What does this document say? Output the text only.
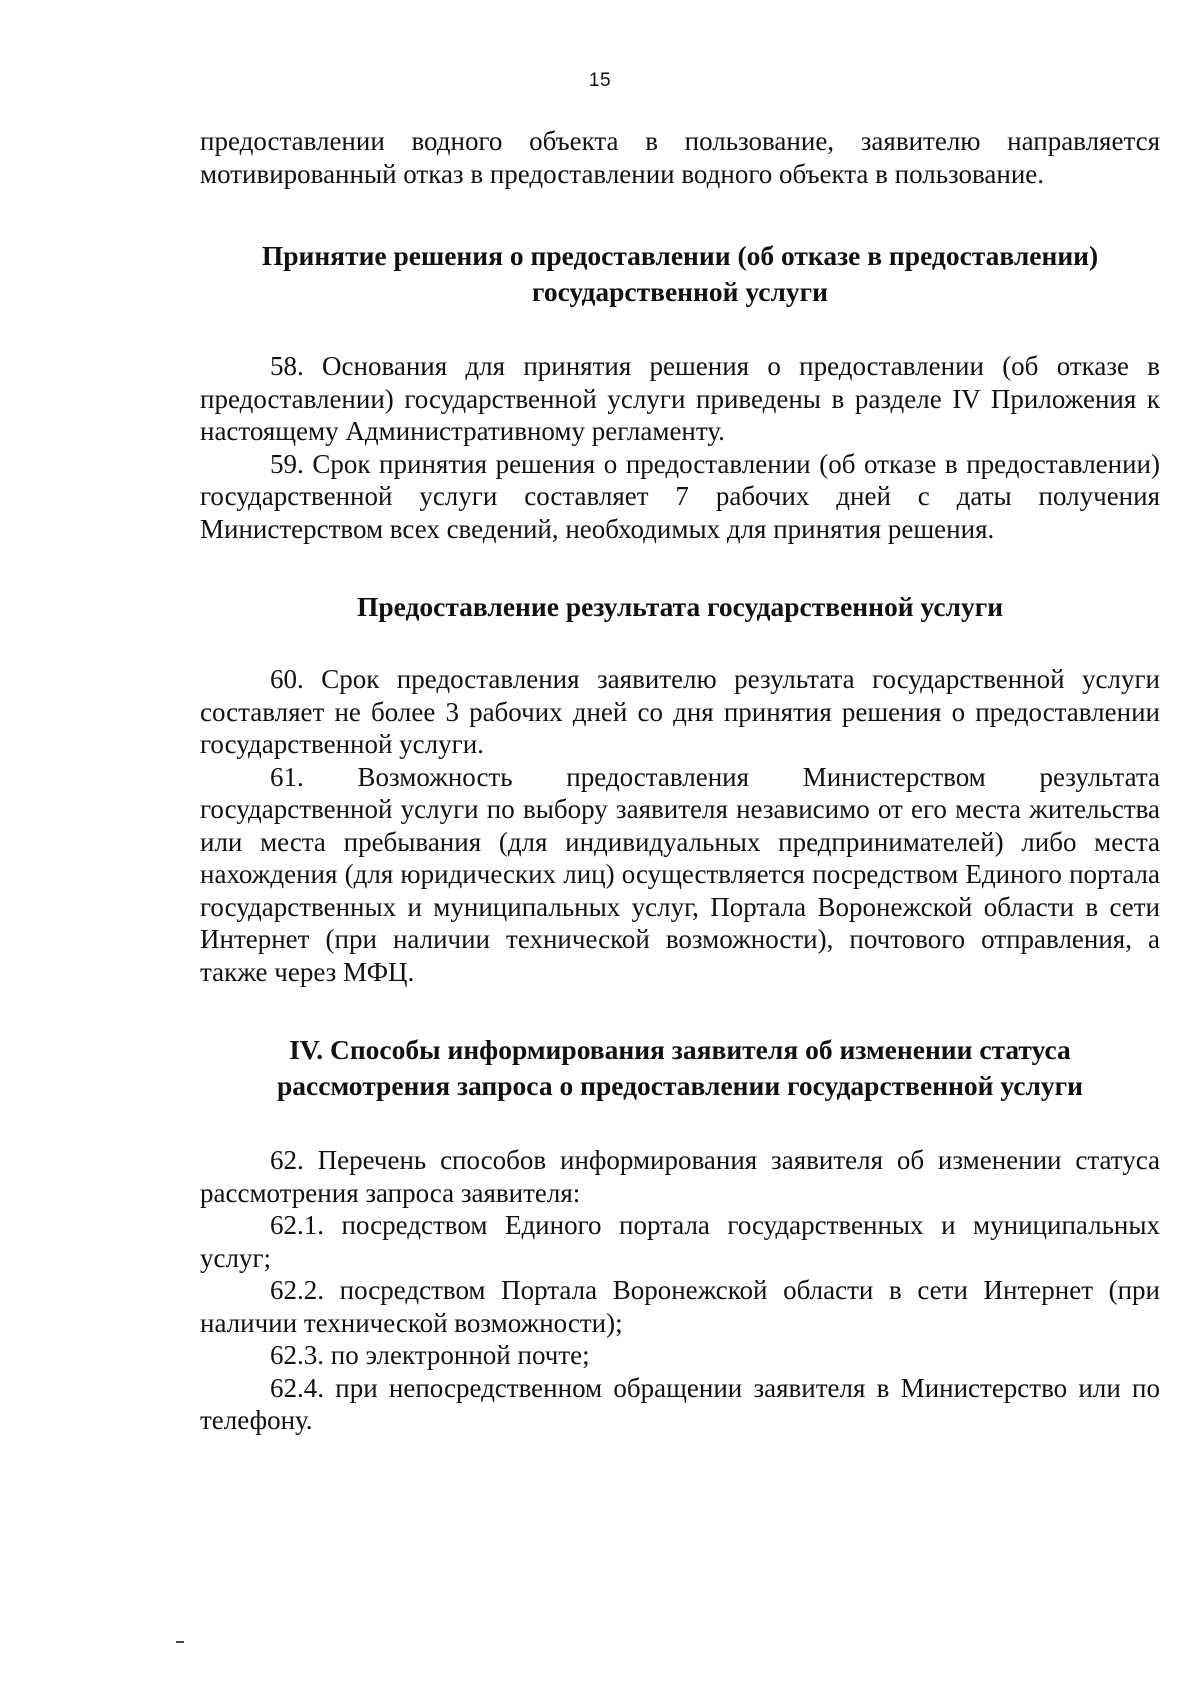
15

предоставлении водного объекта в пользование, заявителю направляется мотивированный отказ в предоставлении водного объекта в пользование.

Принятие решения о предоставлении (об отказе в предоставлении) государственной услуги

58. Основания для принятия решения о предоставлении (об отказе в предоставлении) государственной услуги приведены в разделе IV Приложения к настоящему Административному регламенту.

59. Срок принятия решения о предоставлении (об отказе в предоставлении) государственной услуги составляет 7 рабочих дней с даты получения Министерством всех сведений, необходимых для принятия решения.

Предоставление результата государственной услуги

60. Срок предоставления заявителю результата государственной услуги составляет не более 3 рабочих дней со дня принятия решения о предоставлении государственной услуги.

61. Возможность предоставления Министерством результата государственной услуги по выбору заявителя независимо от его места жительства или места пребывания (для индивидуальных предпринимателей) либо места нахождения (для юридических лиц) осуществляется посредством Единого портала государственных и муниципальных услуг, Портала Воронежской области в сети Интернет (при наличии технической возможности), почтового отправления, а также через МФЦ.

IV. Способы информирования заявителя об изменении статуса рассмотрения запроса о предоставлении государственной услуги

62. Перечень способов информирования заявителя об изменении статуса рассмотрения запроса заявителя:

62.1. посредством Единого портала государственных и муниципальных услуг;

62.2. посредством Портала Воронежской области в сети Интернет (при наличии технической возможности);

62.3. по электронной почте;

62.4. при непосредственном обращении заявителя в Министерство или по телефону.
